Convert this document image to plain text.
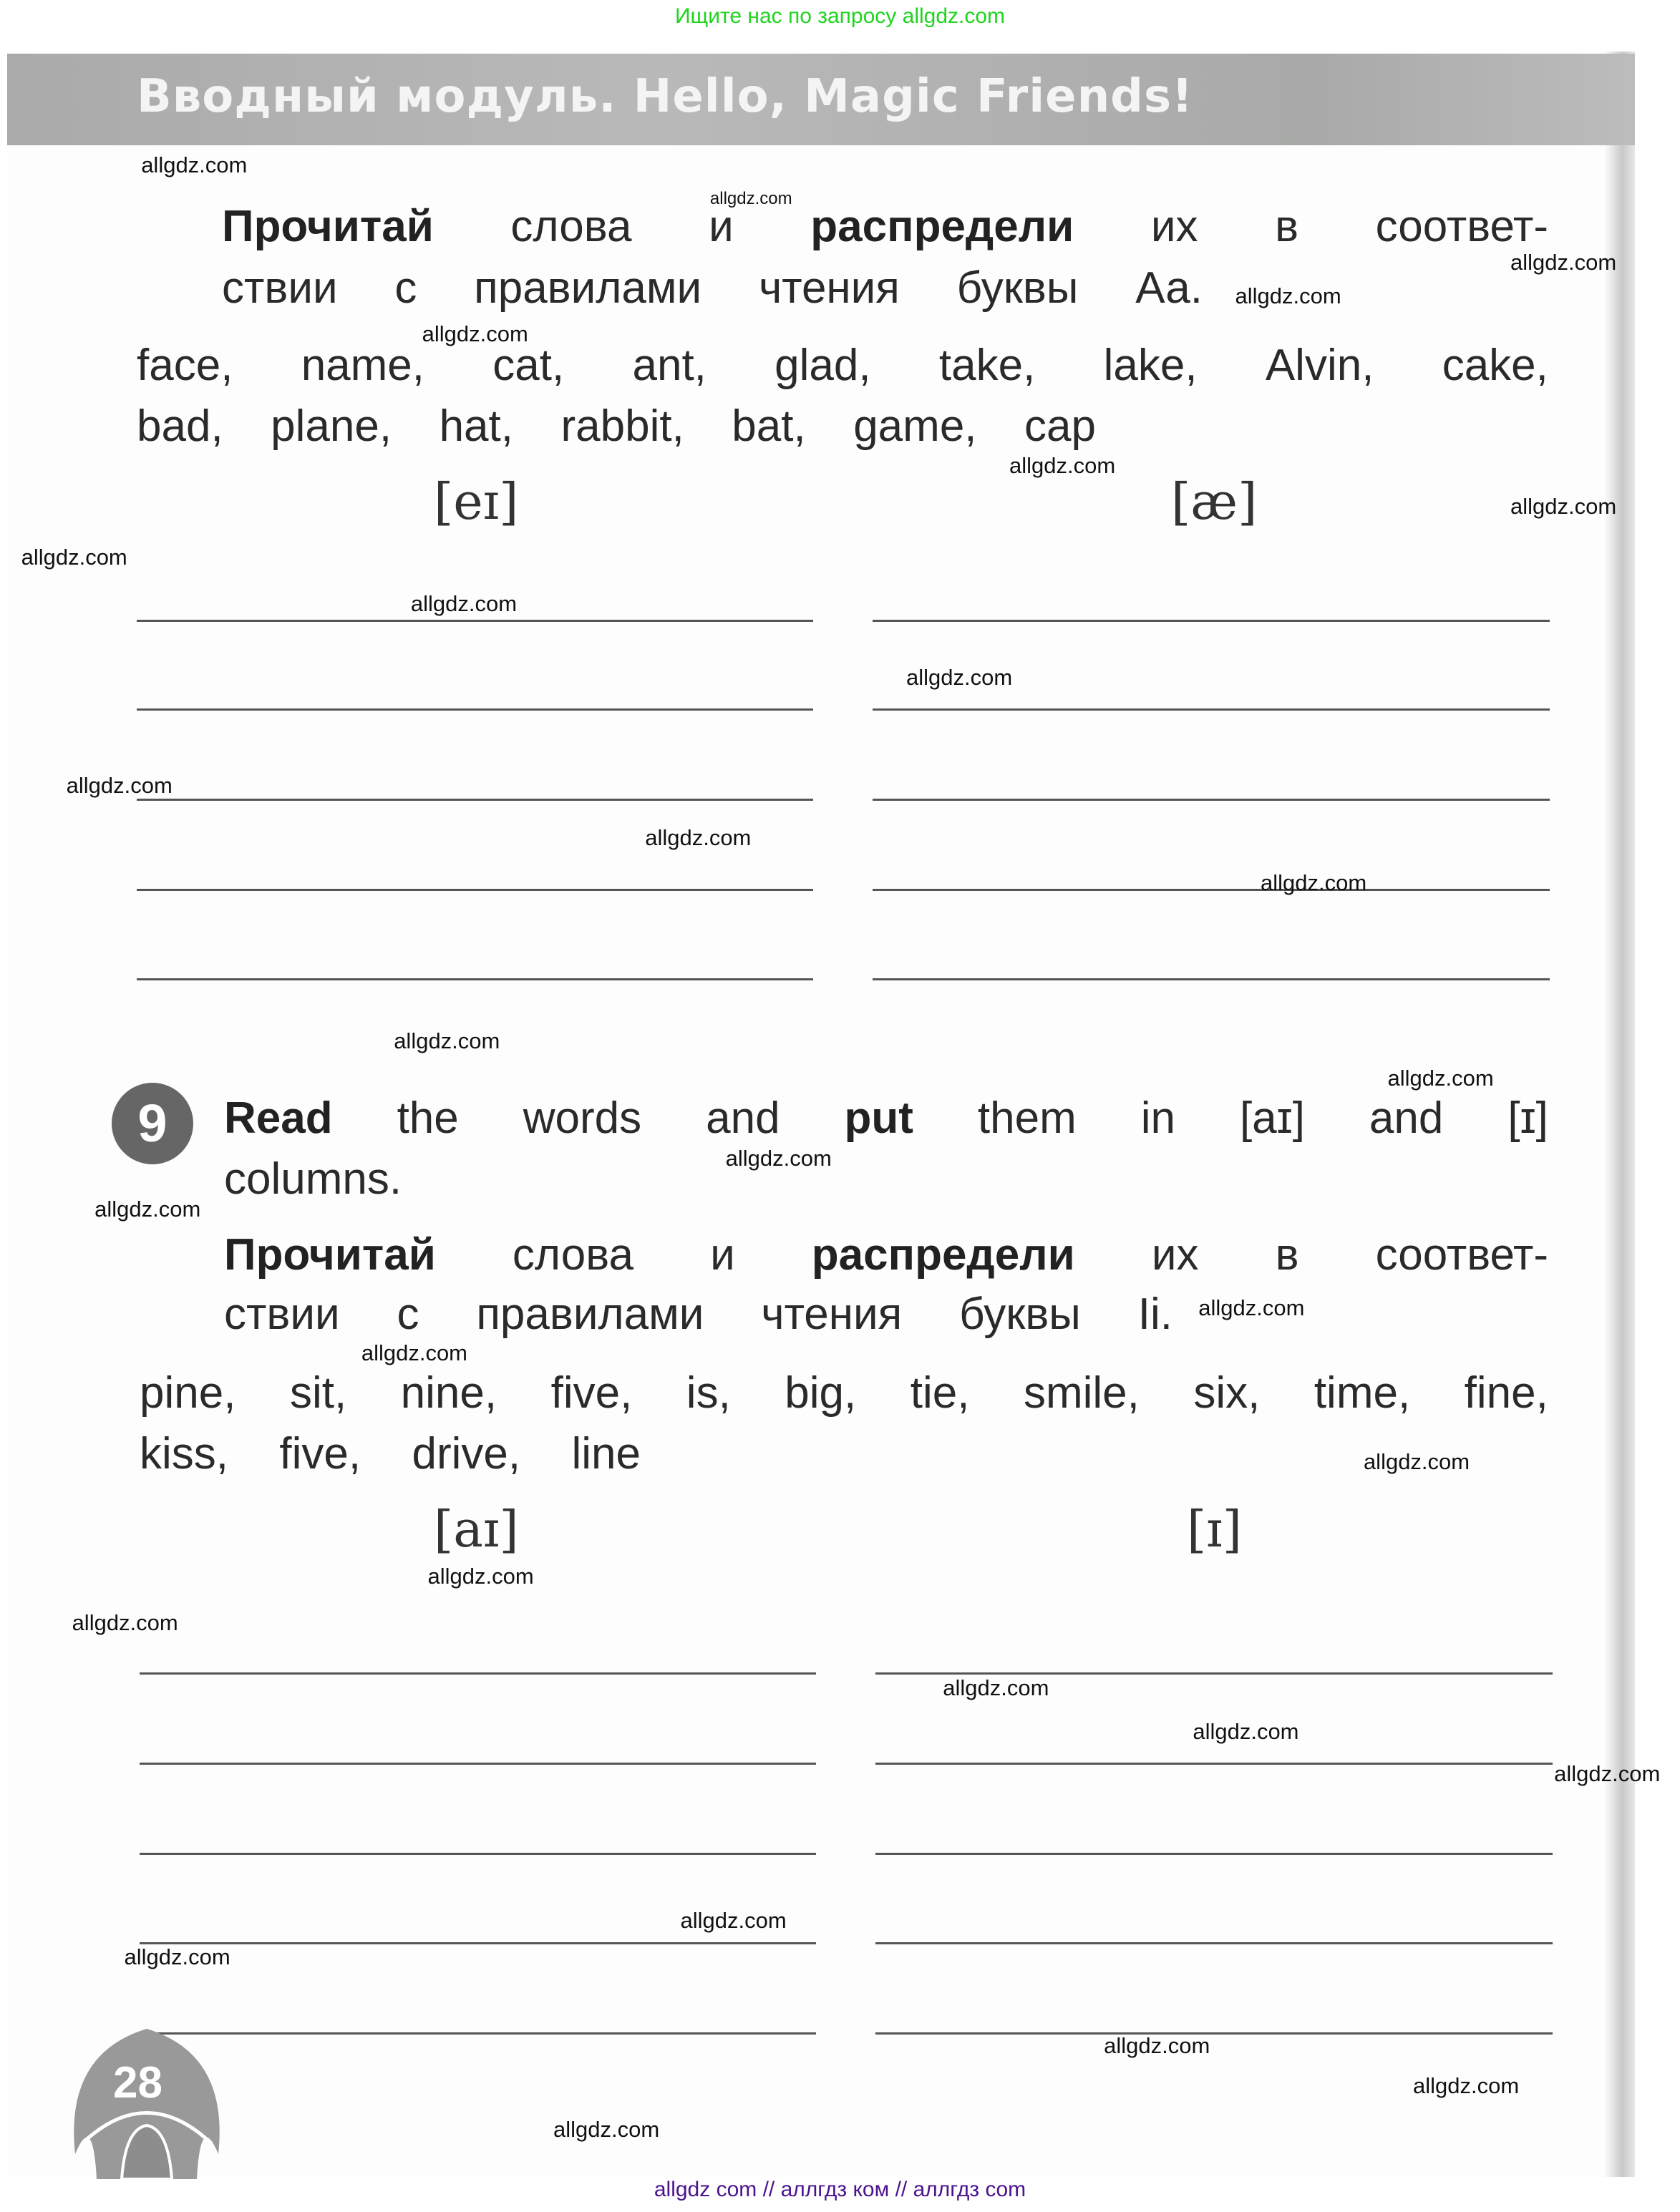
Ищите нас по запросу allgdz.com
Вводный модуль. Hello, Magic Friends!
Прочитай слова и распредели их в соответ-
ствии с правилами чтения буквы Аа.
face, name, cat, ant, glad, take, lake, Alvin, cake,
bad, plane, hat, rabbit, bat, game, cap
[eɪ]	[æ]
9	Read the words and put them in [aɪ] and [ɪ]
columns.
Прочитай слова и распредели их в соответ-
ствии с правилами чтения буквы Ii.
pine, sit, nine, five, is, big, tie, smile, six, time, fine,
kiss, five, drive, line
[aɪ]	[ɪ]
28
allgdz com // аллгдз ком // аллгдз com
allgdz.com
allgdz.com
allgdz.com
allgdz.com
allgdz.com
allgdz.com
allgdz.com
allgdz.com
allgdz.com
allgdz.com
allgdz.com
allgdz.com
allgdz.com
allgdz.com
allgdz.com
allgdz.com
allgdz.com
allgdz.com
allgdz.com
allgdz.com
allgdz.com
allgdz.com
allgdz.com
allgdz.com
allgdz.com
allgdz.com
allgdz.com
allgdz.com
allgdz.com
allgdz.com
